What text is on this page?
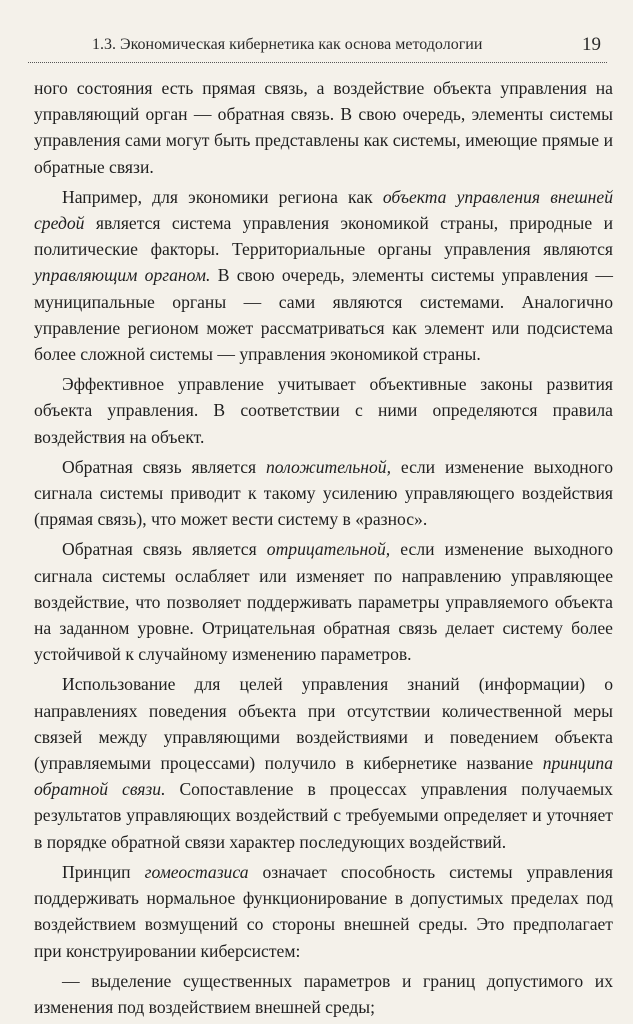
1.3. Экономическая кибернетика как основа методологии	19

ного состояния есть прямая связь, а воздействие объекта управления на управляющий орган — обратная связь. В свою очередь, элементы системы управления сами могут быть представлены как системы, имеющие прямые и обратные связи.

Например, для экономики региона как объекта управления внешней средой является система управления экономикой страны, природные и политические факторы. Территориальные органы управления являются управляющим органом. В свою очередь, элементы системы управления — муниципальные органы — сами являются системами. Аналогично управление регионом может рассматриваться как элемент или подсистема более сложной системы — управления экономикой страны.

Эффективное управление учитывает объективные законы развития объекта управления. В соответствии с ними определяются правила воздействия на объект.

Обратная связь является положительной, если изменение выходного сигнала системы приводит к такому усилению управляющего воздействия (прямая связь), что может вести систему в «разнос».

Обратная связь является отрицательной, если изменение выходного сигнала системы ослабляет или изменяет по направлению управляющее воздействие, что позволяет поддерживать параметры управляемого объекта на заданном уровне. Отрицательная обратная связь делает систему более устойчивой к случайному изменению параметров.

Использование для целей управления знаний (информации) о направлениях поведения объекта при отсутствии количественной меры связей между управляющими воздействиями и поведением объекта (управляемыми процессами) получило в кибернетике название принципа обратной связи. Сопоставление в процессах управления получаемых результатов управляющих воздействий с требуемыми определяет и уточняет в порядке обратной связи характер последующих воздействий.

Принцип гомеостазиса означает способность системы управления поддерживать нормальное функционирование в допустимых пределах под воздействием возмущений со стороны внешней среды. Это предполагает при конструировании киберсистем:

— выделение существенных параметров и границ допустимого их изменения под воздействием внешней среды;
